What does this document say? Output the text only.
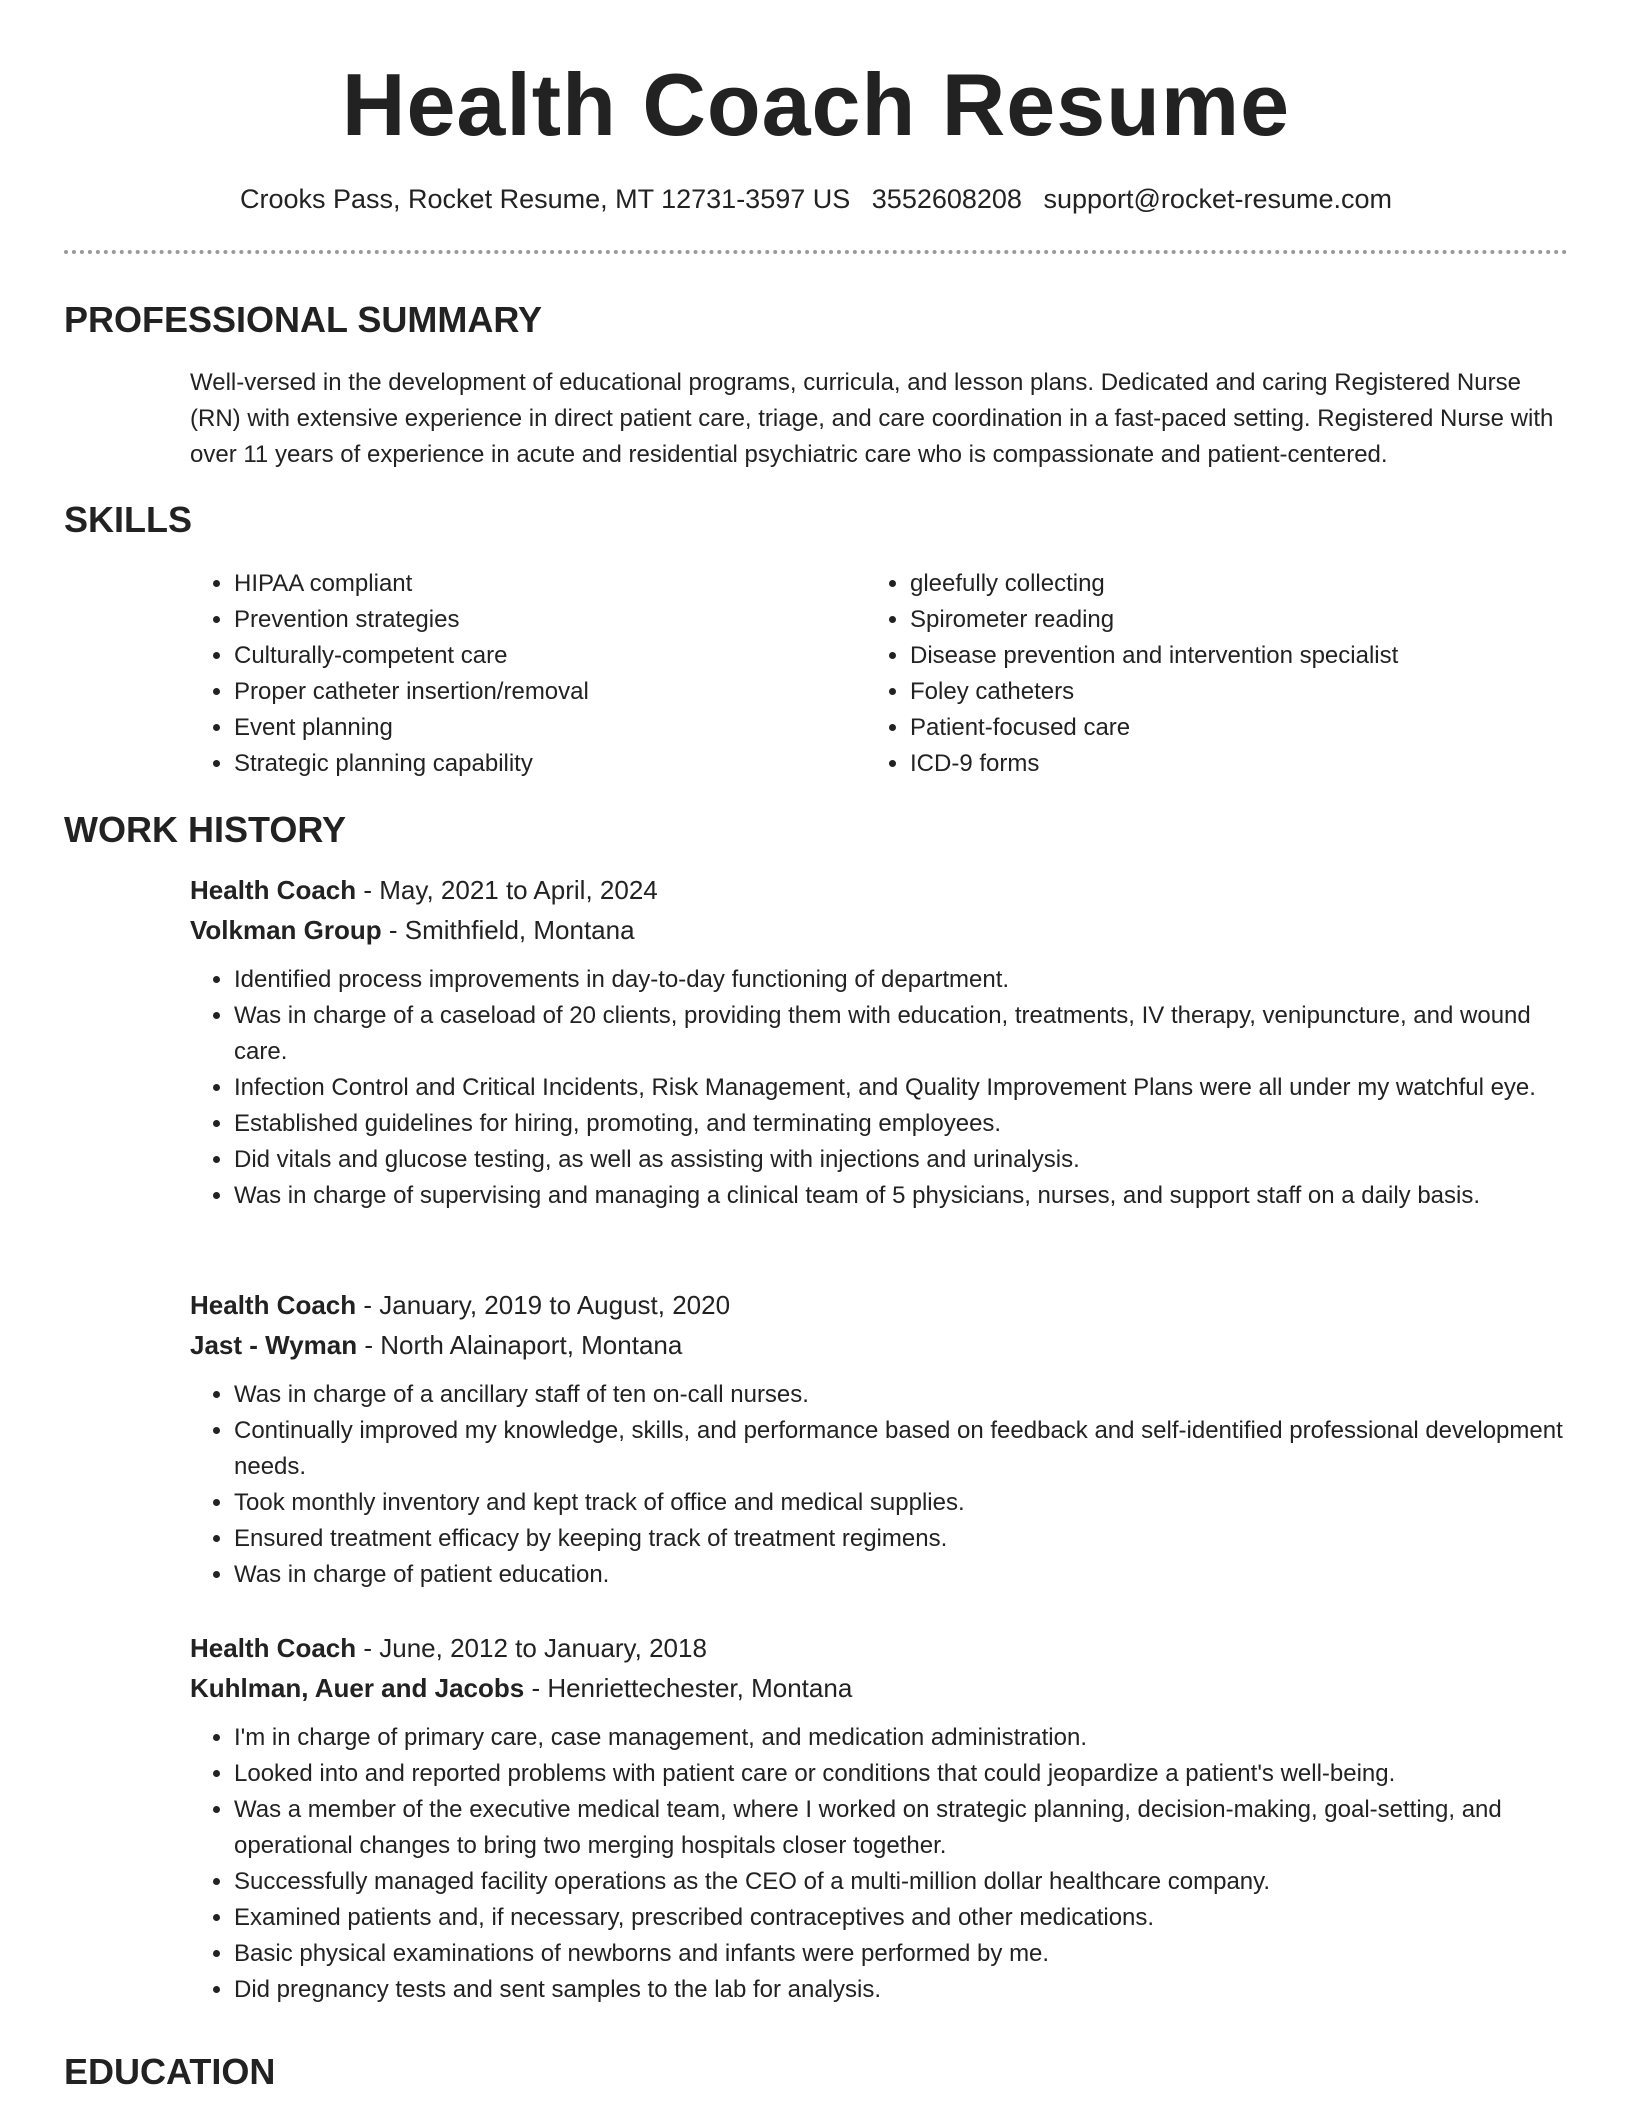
Health Coach Resume
Crooks Pass, Rocket Resume, MT 12731-3597 US 3552608208 support@rocket-resume.com
PROFESSIONAL SUMMARY
Well-versed in the development of educational programs, curricula, and lesson plans. Dedicated and caring Registered Nurse (RN) with extensive experience in direct patient care, triage, and care coordination in a fast-paced setting. Registered Nurse with over 11 years of experience in acute and residential psychiatric care who is compassionate and patient-centered.
SKILLS
• HIPAA compliant
• Prevention strategies
• Culturally-competent care
• Proper catheter insertion/removal
• Event planning
• Strategic planning capability
• gleefully collecting
• Spirometer reading
• Disease prevention and intervention specialist
• Foley catheters
• Patient-focused care
• ICD-9 forms
WORK HISTORY
Health Coach - May, 2021 to April, 2024
Volkman Group - Smithfield, Montana
• Identified process improvements in day-to-day functioning of department.
• Was in charge of a caseload of 20 clients, providing them with education, treatments, IV therapy, venipuncture, and wound care.
• Infection Control and Critical Incidents, Risk Management, and Quality Improvement Plans were all under my watchful eye.
• Established guidelines for hiring, promoting, and terminating employees.
• Did vitals and glucose testing, as well as assisting with injections and urinalysis.
• Was in charge of supervising and managing a clinical team of 5 physicians, nurses, and support staff on a daily basis.
Health Coach - January, 2019 to August, 2020
Jast - Wyman - North Alainaport, Montana
• Was in charge of a ancillary staff of ten on-call nurses.
• Continually improved my knowledge, skills, and performance based on feedback and self-identified professional development needs.
• Took monthly inventory and kept track of office and medical supplies.
• Ensured treatment efficacy by keeping track of treatment regimens.
• Was in charge of patient education.
Health Coach - June, 2012 to January, 2018
Kuhlman, Auer and Jacobs - Henriettechester, Montana
• I'm in charge of primary care, case management, and medication administration.
• Looked into and reported problems with patient care or conditions that could jeopardize a patient's well-being.
• Was a member of the executive medical team, where I worked on strategic planning, decision-making, goal-setting, and operational changes to bring two merging hospitals closer together.
• Successfully managed facility operations as the CEO of a multi-million dollar healthcare company.
• Examined patients and, if necessary, prescribed contraceptives and other medications.
• Basic physical examinations of newborns and infants were performed by me.
• Did pregnancy tests and sent samples to the lab for analysis.
EDUCATION
